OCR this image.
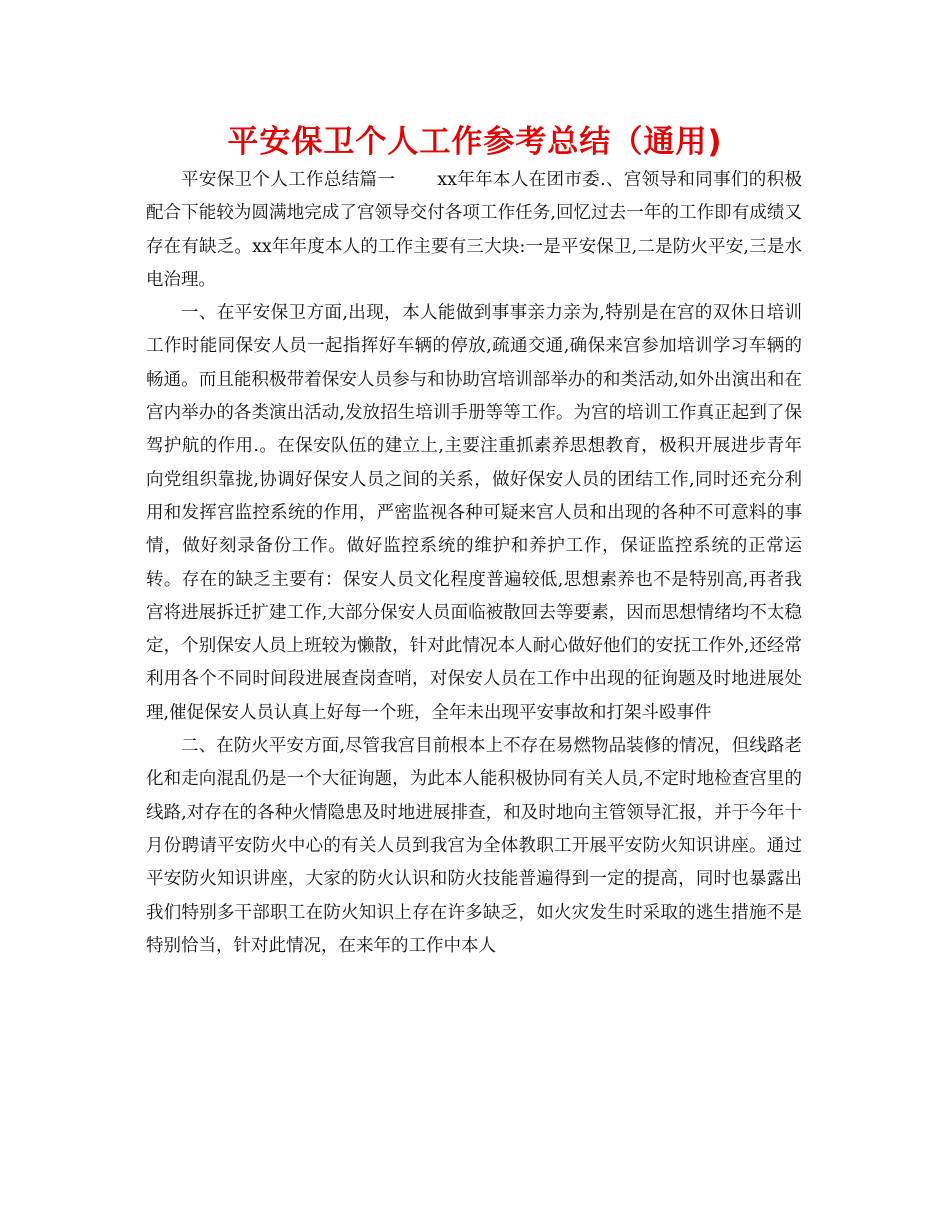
平安保卫个人工作参考总结（通用)

平安保卫个人工作总结篇一 xx年年本人在团市委.、宫领导和同事们的积极配合下能较为圆满地完成了宫领导交付各项工作任务,回忆过去一年的工作即有成绩又存在有缺乏。xx年年度本人的工作主要有三大块:一是平安保卫,二是防火平安,三是水电治理。

一、在平安保卫方面,出现，本人能做到事事亲力亲为,特别是在宫的双休日培训工作时能同保安人员一起指挥好车辆的停放,疏通交通,确保来宫参加培训学习车辆的畅通。而且能积极带着保安人员参与和协助宫培训部举办的和类活动,如外出演出和在宫内举办的各类演出活动,发放招生培训手册等等工作。为宫的培训工作真正起到了保驾护航的作用.。在保安队伍的建立上,主要注重抓素养思想教育，极积开展进步青年向党组织靠拢,协调好保安人员之间的关系，做好保安人员的团结工作,同时还充分利用和发挥宫监控系统的作用，严密监视各种可疑来宫人员和出现的各种不可意料的事情，做好刻录备份工作。做好监控系统的维护和养护工作，保证监控系统的正常运转。存在的缺乏主要有：保安人员文化程度普遍较低,思想素养也不是特别高,再者我宫将进展拆迁扩建工作,大部分保安人员面临被散回去等要素，因而思想情绪均不太稳定，个别保安人员上班较为懒散，针对此情况本人耐心做好他们的安抚工作外,还经常利用各个不同时间段进展查岗查哨，对保安人员在工作中出现的征询题及时地进展处理,催促保安人员认真上好每一个班，全年未出现平安事故和打架斗殴事件

二、在防火平安方面,尽管我宫目前根本上不存在易燃物品装修的情况，但线路老化和走向混乱仍是一个大征询题，为此本人能积极协同有关人员,不定时地检查宫里的线路,对存在的各种火情隐患及时地进展排查，和及时地向主管领导汇报，并于今年十月份聘请平安防火中心的有关人员到我宫为全体教职工开展平安防火知识讲座。通过平安防火知识讲座，大家的防火认识和防火技能普遍得到一定的提高，同时也暴露出我们特别多干部职工在防火知识上存在许多缺乏，如火灾发生时采取的逃生措施不是特别恰当，针对此情况，在来年的工作中本人
